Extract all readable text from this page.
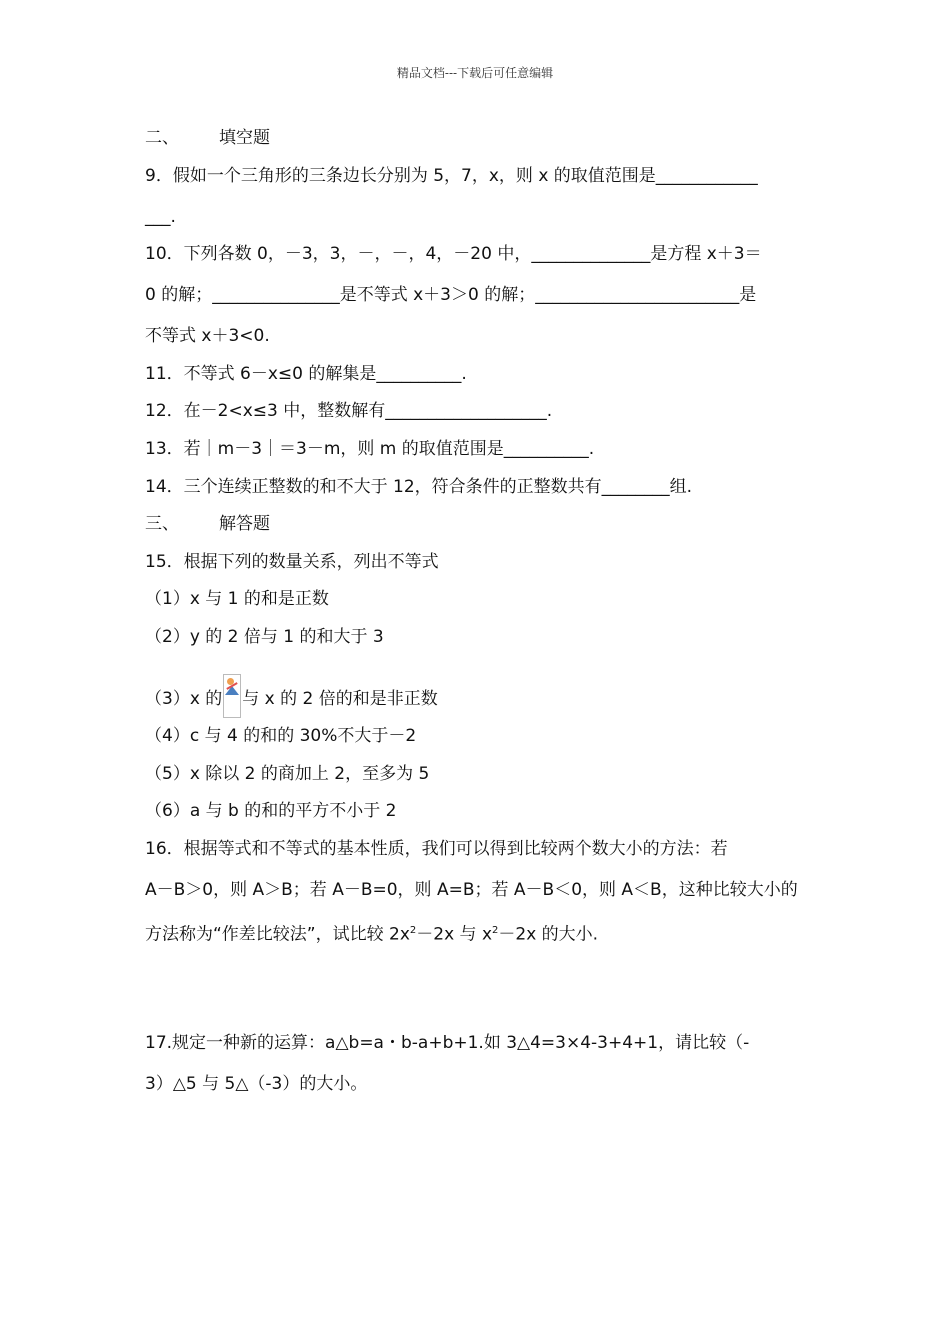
精品文档---下载后可任意编辑
二、 填空题
9．假如一个三角形的三条边长分别为 5，7，x，则 x 的取值范围是____________
___.
10．下列各数 0，－3，3，－，－，4，－20 中，______________是方程 x＋3＝
0 的解；_______________是不等式 x＋3＞0 的解；________________________是
不等式 x＋3<0.
11．不等式 6－x≤0 的解集是__________.
12．在－2<x≤3 中，整数解有___________________.
13．若｜m－3｜＝3－m，则 m 的取值范围是__________.
14．三个连续正整数的和不大于 12，符合条件的正整数共有________组.
三、 解答题
15．根据下列的数量关系，列出不等式
（1）x 与 1 的和是正数
（2）y 的 2 倍与 1 的和大于 3
（3）x 的 与 x 的 2 倍的和是非正数
（4）c 与 4 的和的 30%不大于－2
（5）x 除以 2 的商加上 2，至多为 5
（6）a 与 b 的和的平方不小于 2
16．根据等式和不等式的基本性质，我们可以得到比较两个数大小的方法：若
A－B＞0，则 A＞B；若 A－B=0，则 A=B；若 A－B＜0，则 A＜B，这种比较大小的
方法称为“作差比较法”，试比较 $2x^2-2x$ 与 $x^2-2x$ 的大小.
17.规定一种新的运算：a△b=a・b-a+b+1.如 3△4=3×4-3+4+1，请比较（-
3）△5 与 5△（-3）的大小。
